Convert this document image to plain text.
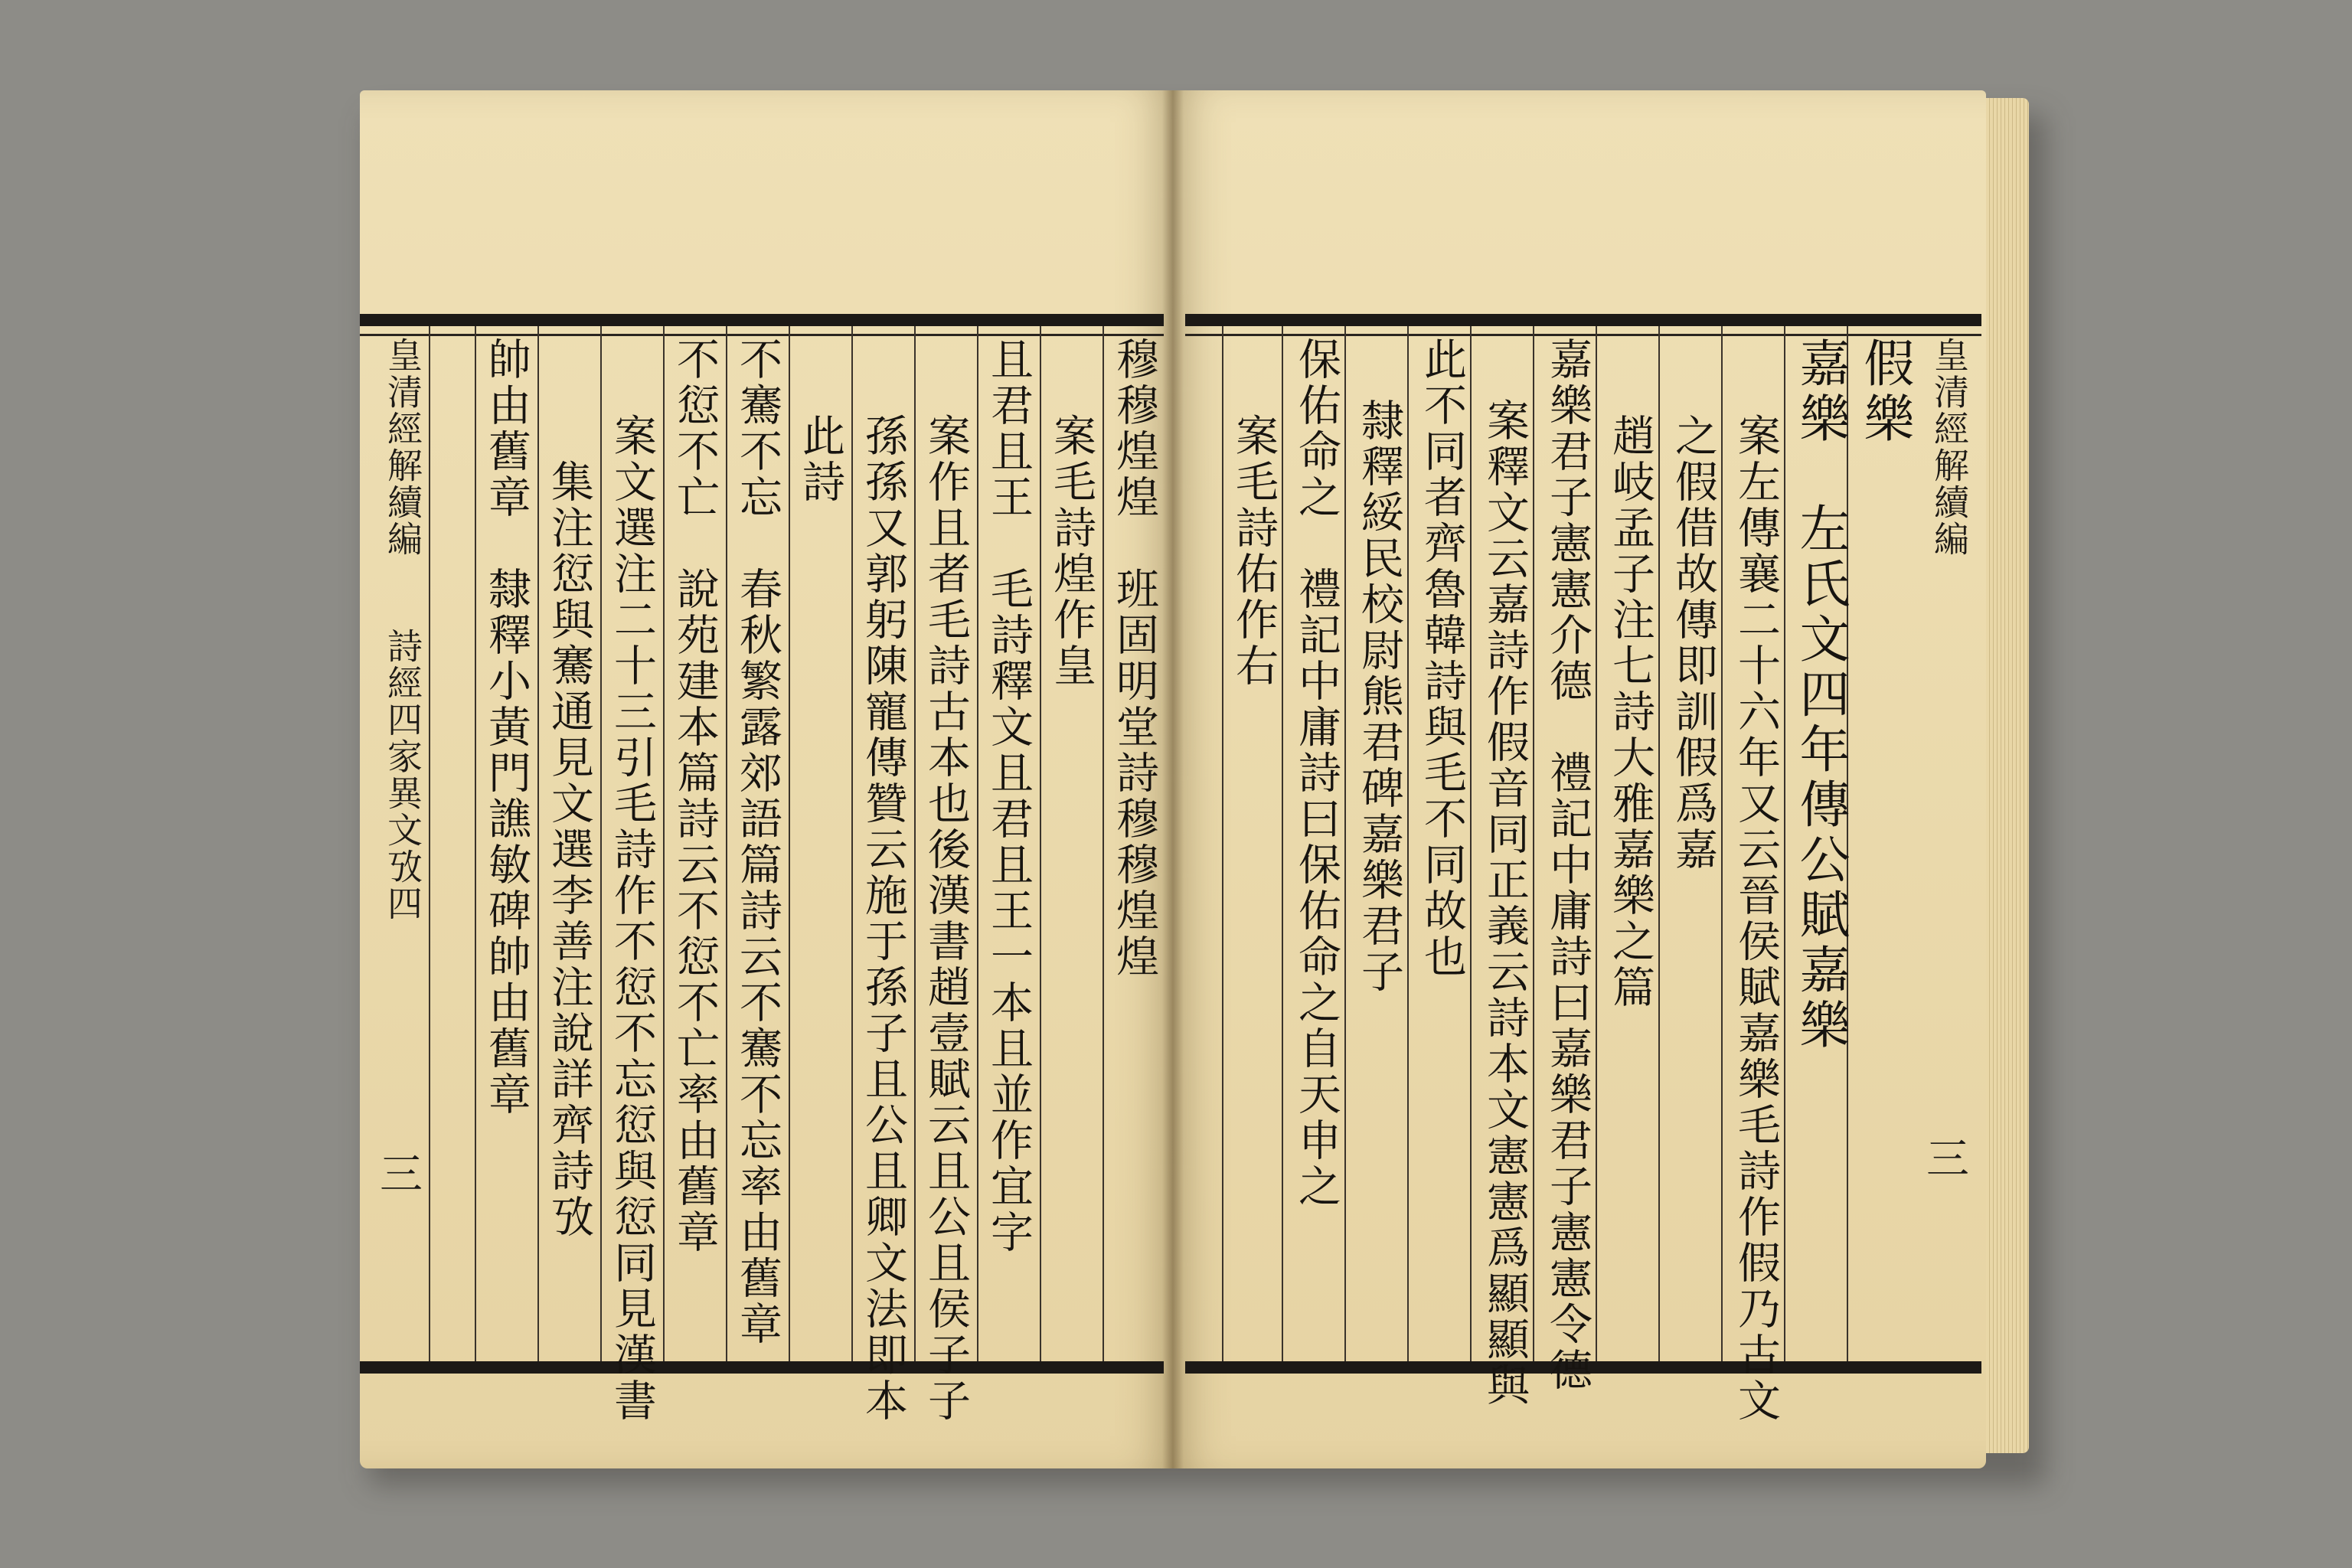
皇清經解續編
三
假樂
嘉樂　左氏文四年傳公賦嘉樂
案左傳襄二十六年又云晉侯賦嘉樂毛詩作假乃古文
之假借故傳即訓假爲嘉
趙岐孟子注七詩大雅嘉樂之篇
嘉樂君子憲憲介德　禮記中庸詩曰嘉樂君子憲憲令德
案釋文云嘉詩作假音同正義云詩本文憲憲爲顯顯與
此不同者齊魯韓詩與毛不同故也
隸釋綏民校尉熊君碑嘉樂君子
保佑命之　禮記中庸詩曰保佑命之自天申之
案毛詩佑作右
穆穆煌煌　班固明堂詩穆穆煌煌
案毛詩煌作皇
且君且王　毛詩釋文且君且王一本且並作宜字
案作且者毛詩古本也後漢書趙壹賦云且公且侯子子
孫孫又郭躬陳寵傳贊云施于孫子且公且卿文法即本
此詩
不騫不忘　春秋繁露郊語篇詩云不騫不忘率由舊章
不愆不亡　說苑建本篇詩云不愆不亡率由舊章
案文選注二十三引毛詩作不愆不忘愆與愆同見漢書
集注愆與騫通見文選李善注說詳齊詩攷
帥由舊章　隸釋小黃門譙敏碑帥由舊章
皇清經解續編
詩經四家異文攷四
三
